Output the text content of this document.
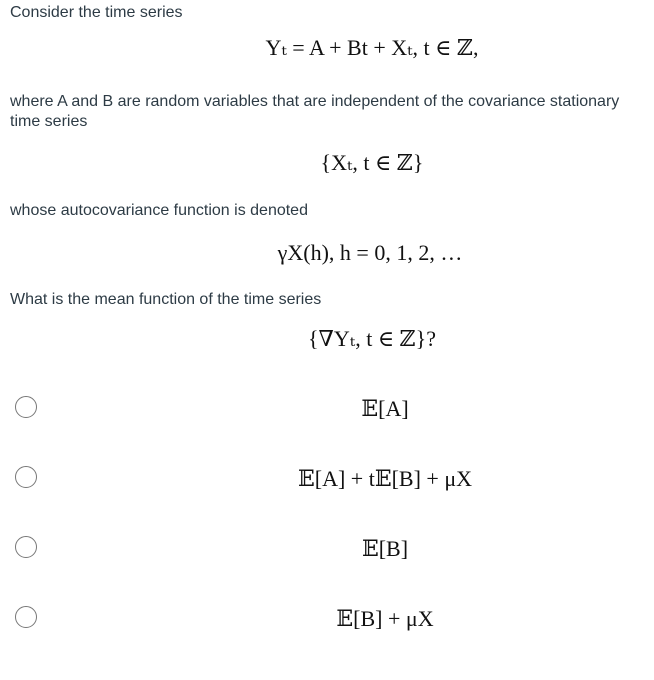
Consider the time series
Yₜ = A + Bt + Xₜ, t ∈ ℤ,
where A and B are random variables that are independent of the covariance stationary time series
{Xₜ, t ∈ ℤ}
whose autocovariance function is denoted
γX(h), h = 0, 1, 2, …
What is the mean function of the time series
{∇Yₜ, t ∈ ℤ}?
𝔼[A]
𝔼[A] + t𝔼[B] + μX
𝔼[B]
𝔼[B] + μX
